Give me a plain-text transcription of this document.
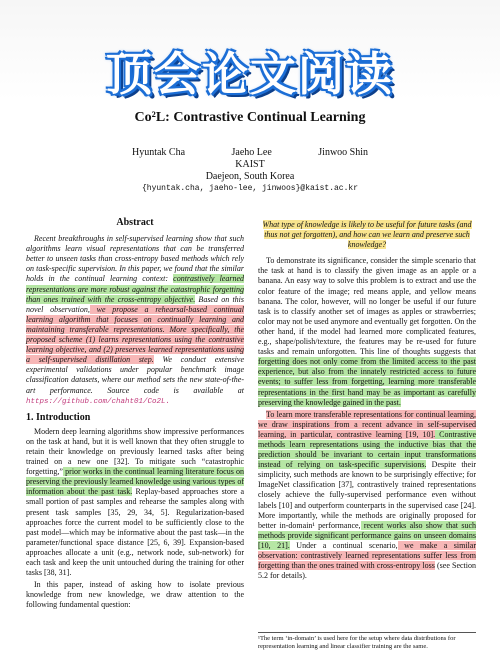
顶会论文阅读
Co²L: Contrastive Continual Learning
Hyuntak Cha	Jaeho Lee	Jinwoo Shin
KAIST
Daejeon, South Korea
{hyuntak.cha, jaeho-lee, jinwoos}@kaist.ac.kr
Abstract

Recent breakthroughs in self-supervised learning show that such algorithms learn visual representations that can be transferred better to unseen tasks than cross-entropy based methods which rely on task-specific supervision. In this paper, we found that the similar holds in the continual learning context: contrastively learned representations are more robust against the catastrophic forgetting than ones trained with the cross-entropy objective. Based on this novel observation, we propose a rehearsal-based continual learning algorithm that focuses on continually learning and maintaining transferable representations. More specifically, the proposed scheme (1) learns representations using the contrastive learning objective, and (2) preserves learned representations using a self-supervised distillation step. We conduct extensive experimental validations under popular benchmark image classification datasets, where our method sets the new state-of-the-art performance. Source code is available at https://github.com/chaht01/Co2L.

1. Introduction

Modern deep learning algorithms show impressive performances on the task at hand, but it is well known that they often struggle to retain their knowledge on previously learned tasks after being trained on a new one [32]. To mitigate such “catastrophic forgetting,” prior works in the continual learning literature focus on preserving the previously learned knowledge using various types of information about the past task. Replay-based approaches store a small portion of past samples and rehearse the samples along with present task samples [35, 29, 34, 5]. Regularization-based approaches force the current model to be sufficiently close to the past model—which may be informative about the past task—in the parameter/functional space distance [25, 6, 39]. Expansion-based approaches allocate a unit (e.g., network node, sub-network) for each task and keep the unit untouched during the training for other tasks [38, 31].

In this paper, instead of asking how to isolate previous knowledge from new knowledge, we draw attention to the following fundamental question:

What type of knowledge is likely to be useful for future tasks (and thus not get forgotten), and how can we learn and preserve such knowledge?

To demonstrate its significance, consider the simple scenario that the task at hand is to classify the given image as an apple or a banana. An easy way to solve this problem is to extract and use the color feature of the image; red means apple, and yellow means banana. The color, however, will no longer be useful if our future task is to classify another set of images as apples or strawberries; color may not be used anymore and eventually get forgotten. On the other hand, if the model had learned more complicated features, e.g., shape/polish/texture, the features may be re-used for future tasks and remain unforgotten. This line of thoughts suggests that forgetting does not only come from the limited access to the past experience, but also from the innately restricted access to future events; to suffer less from forgetting, learning more transferable representations in the first hand may be as important as carefully preserving the knowledge gained in the past.

To learn more transferable representations for continual learning, we draw inspirations from a recent advance in self-supervised learning, in particular, contrastive learning [19, 10]. Contrastive methods learn representations using the inductive bias that the prediction should be invariant to certain input transformations instead of relying on task-specific supervisions. Despite their simplicity, such methods are known to be surprisingly effective; for ImageNet classification [37], contrastively trained representations closely achieve the fully-supervised performance even without labels [10] and outperform counterparts in the supervised case [24]. More importantly, while the methods are originally proposed for better in-domain¹ performance, recent works also show that such methods provide significant performance gains on unseen domains [10, 21]. Under a continual scenario, we make a similar observation: contrastively learned representations suffer less from forgetting than the ones trained with cross-entropy loss (see Section 5.2 for details).

¹The term ‘in-domain’ is used here for the setup where data distributions for representation learning and linear classifier training are the same.
